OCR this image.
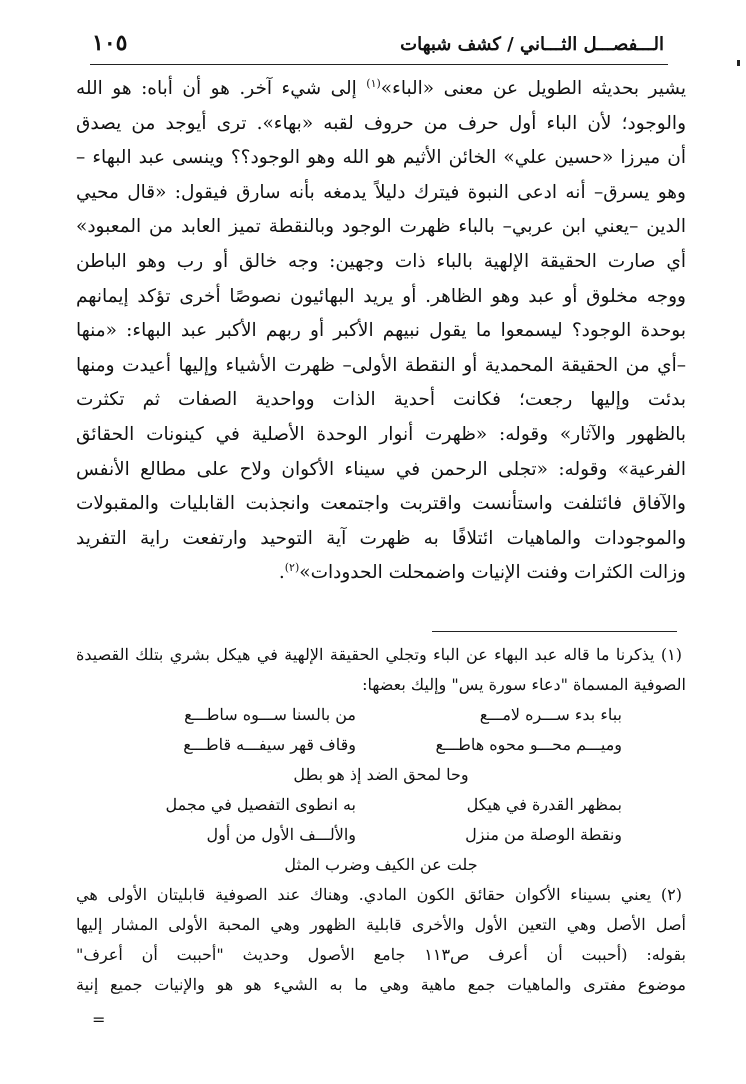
١٠٥	الـــفصـــل الثـــاني / كشف شبهات
يشير بحديثه الطويل عن معنى «الباء»$^{(١)}$ إلى شيء آخر. هو أن أباه: هو الله
والوجود؛ لأن الباء أول حرف من حروف لقبه «بهاء». ترى أيوجد من يصدق
أن ميرزا «حسين علي» الخائن الأثيم هو الله وهو الوجود؟؟ وينسى عبد البهاء –
وهو يسرق– أنه ادعى النبوة فيترك دليلاً يدمغه بأنه سارق فيقول: «قال محيي
الدين –يعني ابن عربي– بالباء ظهرت الوجود وبالنقطة تميز العابد من المعبود»
أي صارت الحقيقة الإلهية بالباء ذات وجهين: وجه خالق أو رب وهو الباطن
ووجه مخلوق أو عبد وهو الظاهر. أو يريد البهائيون نصوصًا أخرى تؤكد إيمانهم
بوحدة الوجود؟ ليسمعوا ما يقول نبيهم الأكبر أو ربهم الأكبر عبد البهاء: «منها
–أي من الحقيقة المحمدية أو النقطة الأولى– ظهرت الأشياء وإليها أعيدت ومنها
بدئت وإليها رجعت؛ فكانت أحدية الذات وواحدية الصفات ثم تكثرت
بالظهور والآثار» وقوله: «ظهرت أنوار الوحدة الأصلية في كينونات الحقائق
الفرعية» وقوله: «تجلى الرحمن في سيناء الأكوان ولاح على مطالع الأنفس
والآفاق فائتلفت واستأنست واقتربت واجتمعت وانجذبت القابليات والمقبولات
والموجودات والماهيات ائتلافًا به ظهرت آية التوحيد وارتفعت راية التفريد
وزالت الكثرات وفنت الإنيات واضمحلت الحدودات»$^{(٢)}$.
(١) يذكرنا ما قاله عبد البهاء عن الباء وتجلي الحقيقة الإلهية في هيكل بشري بتلك القصيدة
الصوفية المسماة "دعاء سورة يس" وإليك بعضها:
بباء بدء ســـره لامـــع
من بالسنا ســـوه ساطـــع
وميـــم محـــو محوه هاطـــع
وقاف قهر سيفـــه قاطـــع
وحا لمحق الضد إذ هو بطل
بمظهر القدرة في هيكل
به انطوى التفصيل في مجمل
ونقطة الوصلة من منزل
والألـــف الأول من أول
جلت عن الكيف وضرب المثل
(٢) يعني بسيناء الأكوان حقائق الكون المادي. وهناك عند الصوفية قابليتان الأولى هي
أصل الأصل وهي التعين الأول والأخرى قابلية الظهور وهي المحبة الأولى المشار إليها
بقوله: (أحببت أن أعرف ص١١٣ جامع الأصول وحديث "أحببت أن أعرف"
موضوع مفترى والماهيات جمع ماهية وهي ما به الشيء هو هو والإنيات جميع إنية
=
